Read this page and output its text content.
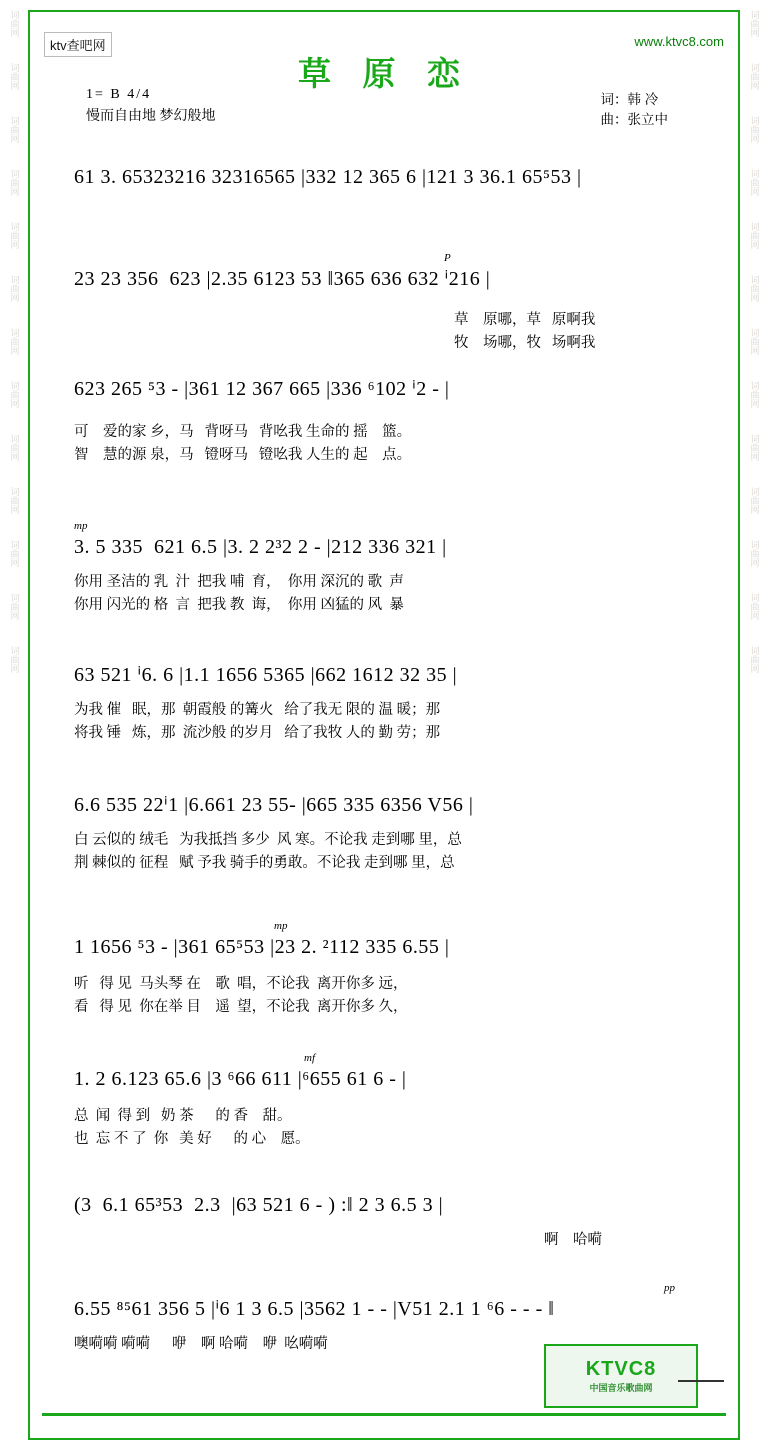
词曲网
词曲网
词曲网
词曲网
词曲网
词曲网
词曲网
词曲网
词曲网
词曲网
词曲网
词曲网
词曲网
词曲网
词曲网
词曲网
词曲网
词曲网
词曲网
词曲网
词曲网
词曲网
词曲网
词曲网
词曲网
词曲网
ktv查吧网	www.ktvc8.com
草 原 恋
1= B 4/4
慢而自由地 梦幻般地
词：韩 冷
曲：张立中
61 3. 65323216 32316565 |332 12 365 6 |121 3 36.1 65⁵53 |
P
23 23 356  623 |2.35 6123 53 ‖365 636 632 ⁱ216 |
草    原哪，草   原啊我
牧    场哪，牧   场啊我
623 265 ⁵3 - |361 12 367 665 |336 ⁶102 ⁱ2 - |
可    爱的家 乡，马   背呀马   背吆我 生命的 摇    篮。
智    慧的源 泉，马   镫呀马   镫吆我 人生的 起    点。
mp
3. 5 335  621 6.5 |3. 2 2³2 2 - |212 336 321 |
你用 圣洁的 乳  汁  把我 哺  育，  你用 深沉的 歌  声
你用 闪光的 格  言  把我 教  诲，  你用 凶猛的 风  暴
63 521 ⁱ6. 6 |1.1 1656 5365 |662 1612 32 35 |
为我 催   眠，那  朝霞般 的篝火   给了我无 限的 温 暖；那
将我 锤   炼，那  流沙般 的岁月   给了我牧 人的 勤 劳；那
6.6 535 22ⁱ1 |6.661 23 55- |665 335 6356 V56 |
白 云似的 绒毛   为我抵挡 多少  风 寒。不论我 走到哪 里，总
荆 棘似的 征程   赋 予我 骑手的勇敢。不论我 走到哪 里，总
mp
1 1656 ⁵3 - |361 65⁵53 |23 2. ²112 335 6.55 |
听   得 见  马头琴 在    歌  唱，不论我  离开你多 远，
看   得 见  你在举 目    遥  望，不论我  离开你多 久，
mf
1. 2 6.123 65.6 |3 ⁶66 611 |⁶655 61 6 - |
总  闻  得 到   奶 茶      的 香    甜。
也  忘 不 了  你   美 好      的 心    愿。
(3  6.1 65³53  2.3  |63 521 6 - ) :‖ 2 3 6.5 3 |
啊    哈嗬
pp
6.55 ⁸⁵61 356 5 |ⁱ6 1 3 6.5 |3562 1 - - |V51 2.1 1 ⁶6 - - - ‖
噢嗬嗬 嗬嗬      咿    啊 哈嗬    咿  吆嗬嗬
KTVC8
中国音乐歌曲网
